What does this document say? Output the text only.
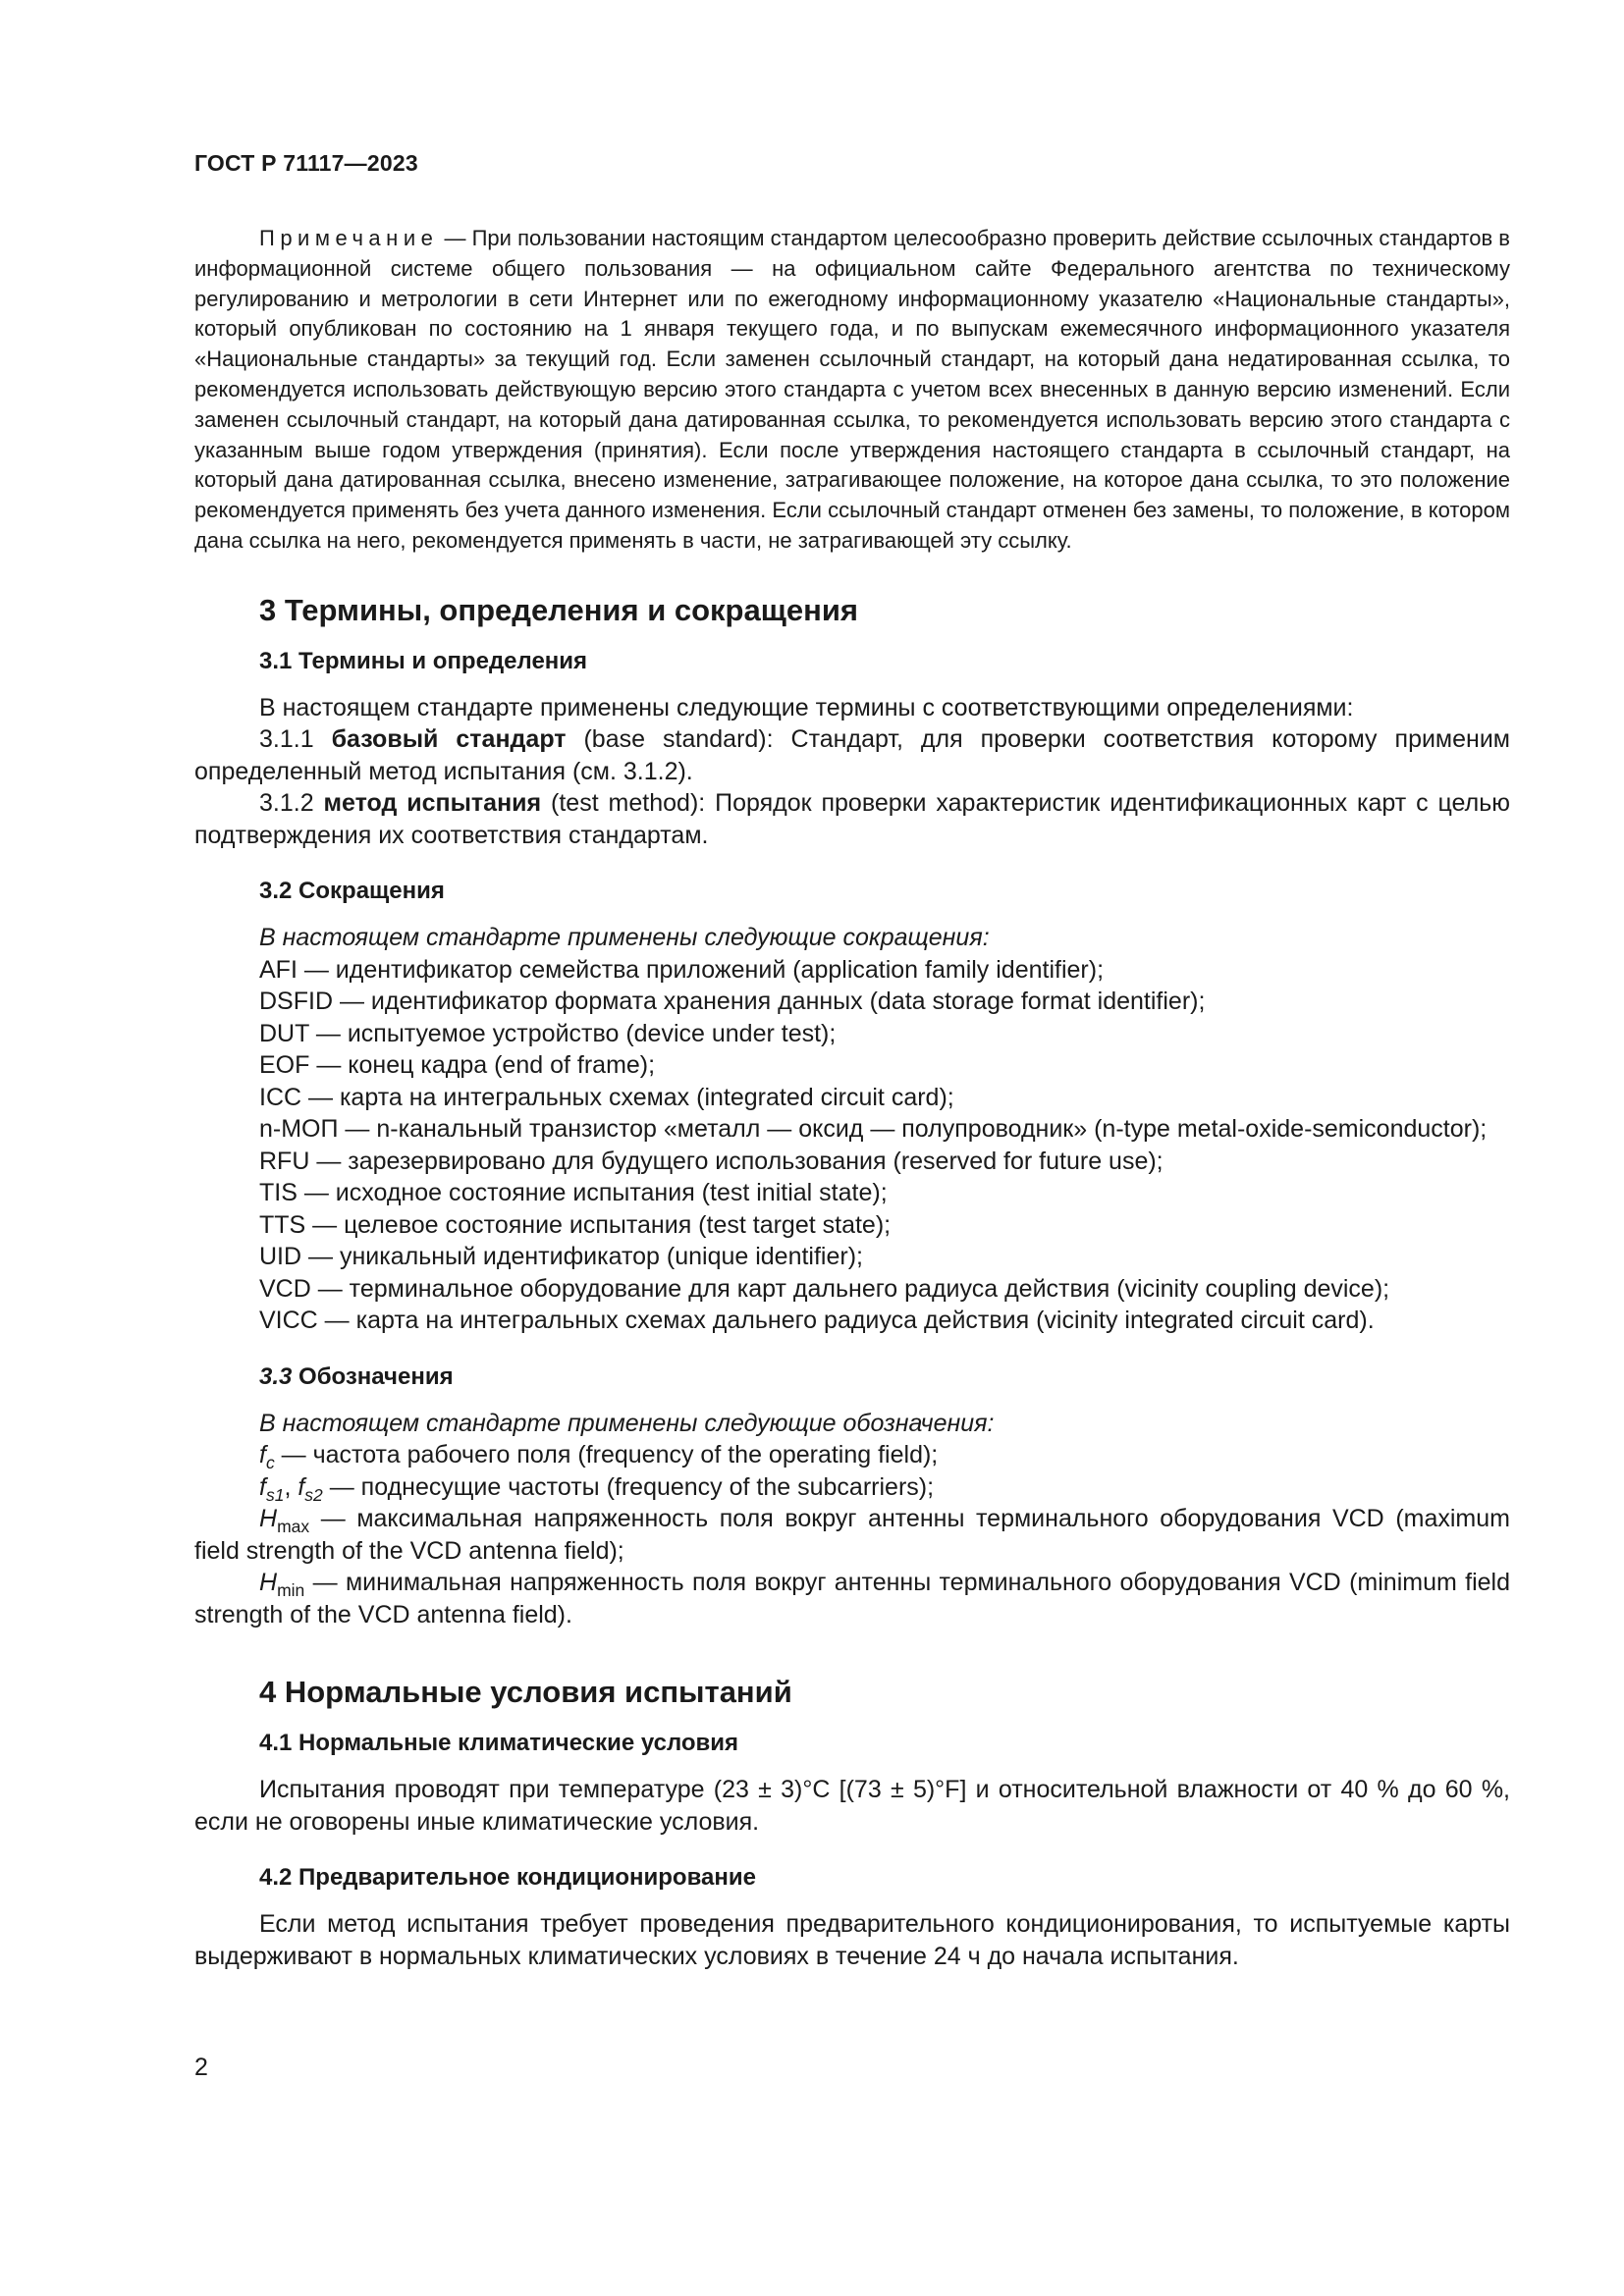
ГОСТ Р 71117—2023

Примечание — При пользовании настоящим стандартом целесообразно проверить действие ссылочных стандартов в информационной системе общего пользования — на официальном сайте Федерального агентства по техническому регулированию и метрологии в сети Интернет или по ежегодному информационному указателю «Национальные стандарты», который опубликован по состоянию на 1 января текущего года, и по выпускам ежемесячного информационного указателя «Национальные стандарты» за текущий год. Если заменен ссылочный стандарт, на который дана недатированная ссылка, то рекомендуется использовать действующую версию этого стандарта с учетом всех внесенных в данную версию изменений. Если заменен ссылочный стандарт, на который дана датированная ссылка, то рекомендуется использовать версию этого стандарта с указанным выше годом утверждения (принятия). Если после утверждения настоящего стандарта в ссылочный стандарт, на который дана датированная ссылка, внесено изменение, затрагивающее положение, на которое дана ссылка, то это положение рекомендуется применять без учета данного изменения. Если ссылочный стандарт отменен без замены, то положение, в котором дана ссылка на него, рекомендуется применять в части, не затрагивающей эту ссылку.

3 Термины, определения и сокращения
3.1 Термины и определения

В настоящем стандарте применены следующие термины с соответствующими определениями:

3.1.1 базовый стандарт (base standard): Стандарт, для проверки соответствия которому применим определенный метод испытания (см. 3.1.2).

3.1.2 метод испытания (test method): Порядок проверки характеристик идентификационных карт с целью подтверждения их соответствия стандартам.

3.2 Сокращения

В настоящем стандарте применены следующие сокращения:

AFI — идентификатор семейства приложений (application family identifier);

DSFID — идентификатор формата хранения данных (data storage format identifier);

DUT — испытуемое устройство (device under test);

EOF — конец кадра (end of frame);

ICC — карта на интегральных схемах (integrated circuit card);

n-МОП — n-канальный транзистор «металл — оксид — полупроводник» (n-type metal-oxide-semiconductor);

RFU — зарезервировано для будущего использования (reserved for future use);

TIS — исходное состояние испытания (test initial state);

TTS — целевое состояние испытания (test target state);

UID — уникальный идентификатор (unique identifier);

VCD — терминальное оборудование для карт дальнего радиуса действия (vicinity coupling device);

VICC — карта на интегральных схемах дальнего радиуса действия (vicinity integrated circuit card).

3.3 Обозначения

В настоящем стандарте применены следующие обозначения:

$f_c$ — частота рабочего поля (frequency of the operating field);

$f_{s1}$, $f_{s2}$ — поднесущие частоты (frequency of the subcarriers);

$H_{max}$ — максимальная напряженность поля вокруг антенны терминального оборудования VCD (maximum field strength of the VCD antenna field);

$H_{min}$ — минимальная напряженность поля вокруг антенны терминального оборудования VCD (minimum field strength of the VCD antenna field).

4 Нормальные условия испытаний
4.1 Нормальные климатические условия

Испытания проводят при температуре (23 ± 3)°C [(73 ± 5)°F] и относительной влажности от 40 % до 60 %, если не оговорены иные климатические условия.

4.2 Предварительное кондиционирование

Если метод испытания требует проведения предварительного кондиционирования, то испытуемые карты выдерживают в нормальных климатических условиях в течение 24 ч до начала испытания.

2
